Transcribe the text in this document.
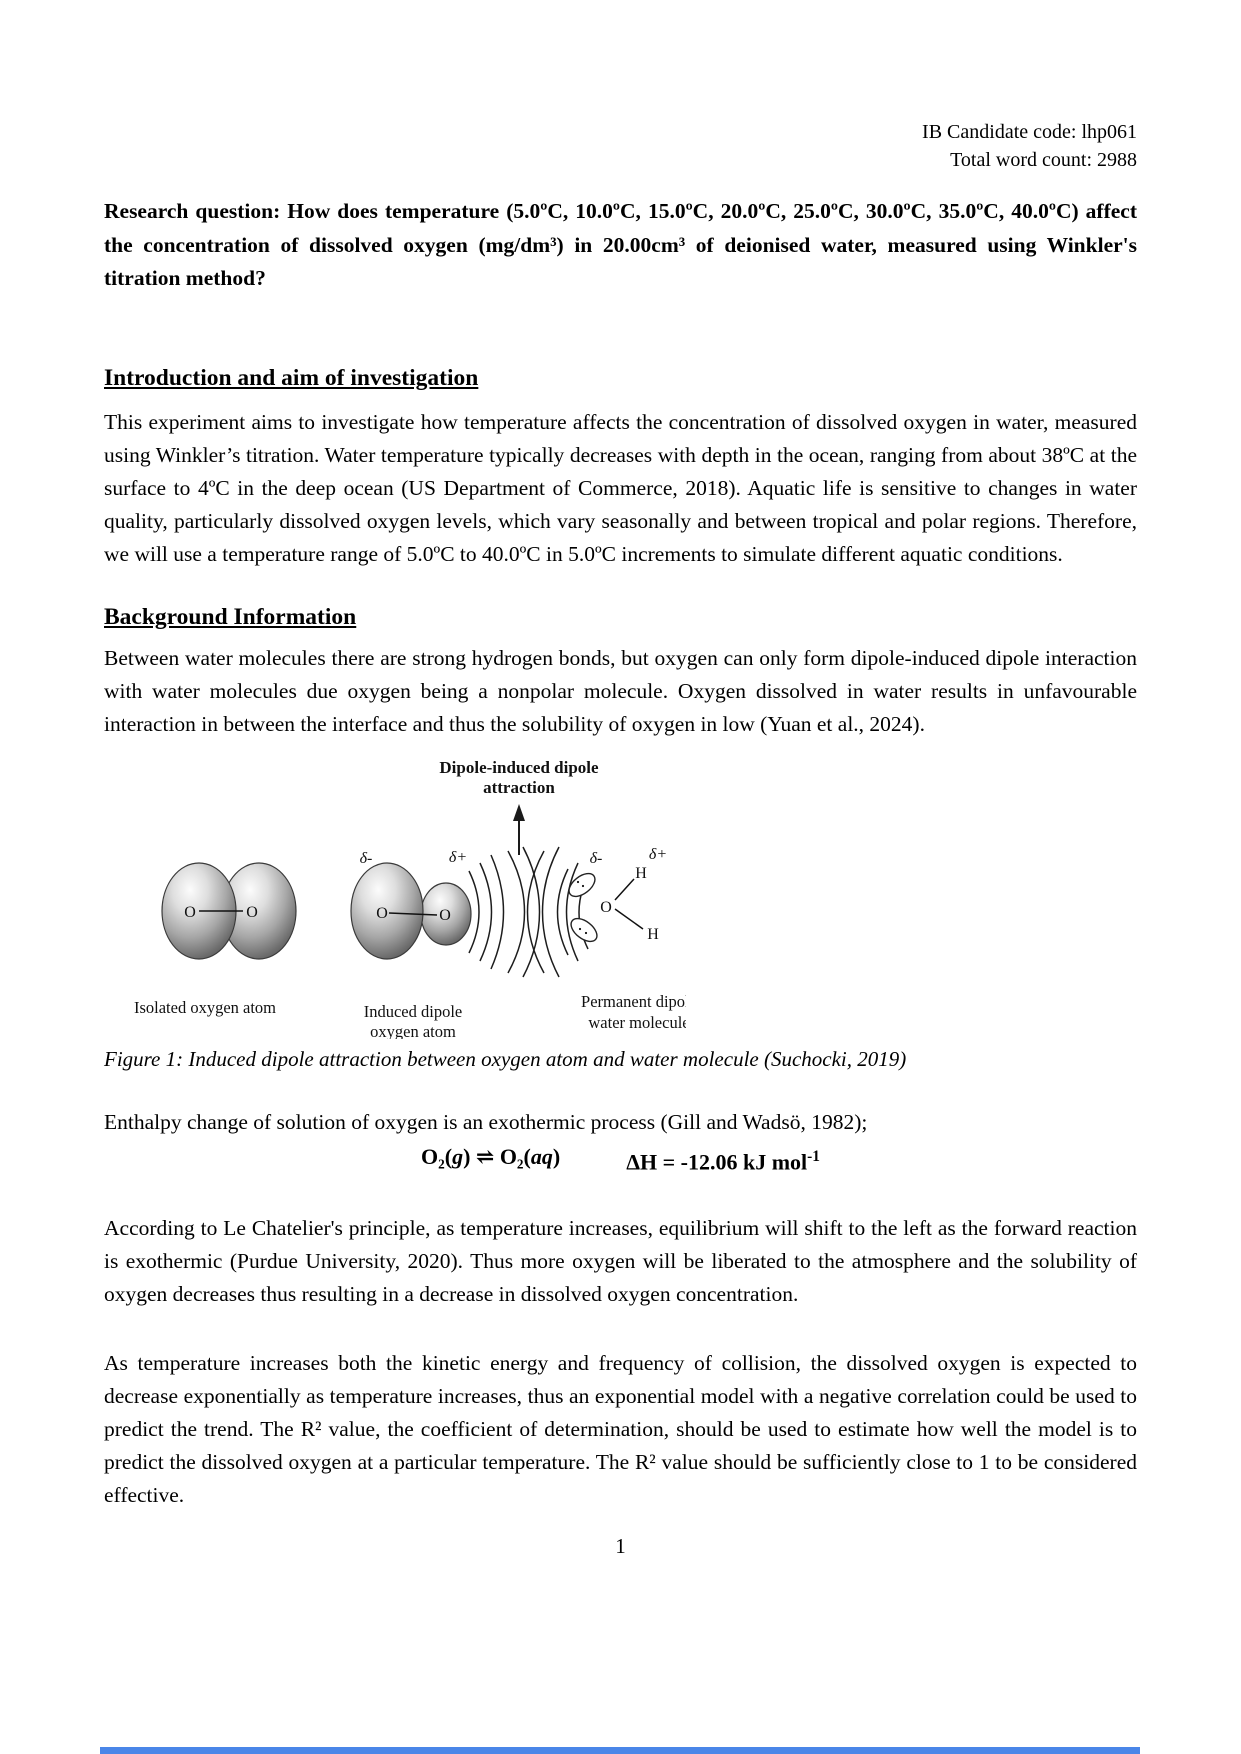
IB Candidate code: lhp061
Total word count: 2988

Research question: How does temperature (5.0ºC, 10.0ºC, 15.0ºC, 20.0ºC, 25.0ºC, 30.0ºC, 35.0ºC, 40.0ºC) affect the concentration of dissolved oxygen (mg/dm³) in 20.00cm³ of deionised water, measured using Winkler's titration method?

Introduction and aim of investigation

This experiment aims to investigate how temperature affects the concentration of dissolved oxygen in water, measured using Winkler’s titration. Water temperature typically decreases with depth in the ocean, ranging from about 38ºC at the surface to 4ºC in the deep ocean (US Department of Commerce, 2018). Aquatic life is sensitive to changes in water quality, particularly dissolved oxygen levels, which vary seasonally and between tropical and polar regions. Therefore, we will use a temperature range of 5.0ºC to 40.0ºC in 5.0ºC increments to simulate different aquatic conditions.

Background Information

Between water molecules there are strong hydrogen bonds, but oxygen can only form dipole-induced dipole interaction with water molecules due oxygen being a nonpolar molecule. Oxygen dissolved in water results in unfavourable interaction in between the interface and thus the solubility of oxygen in low (Yuan et al., 2024).

Dipole-induced dipole
attraction
O	O	O	O
δ-	δ+
O
H
H
δ-	δ+
Isolated oxygen atom	Induced dipole
oxygen atom
Permanent dipole
water molecule

Figure 1: Induced dipole attraction between oxygen atom and water molecule (Suchocki, 2019)

Enthalpy change of solution of oxygen is an exothermic process (Gill and Wadsö, 1982);

O₂(g) ⇌ O₂(aq)	ΔH = -12.06 kJ mol$^{-1}$

According to Le Chatelier's principle, as temperature increases, equilibrium will shift to the left as the forward reaction is exothermic (Purdue University, 2020). Thus more oxygen will be liberated to the atmosphere and the solubility of oxygen decreases thus resulting in a decrease in dissolved oxygen concentration.

As temperature increases both the kinetic energy and frequency of collision, the dissolved oxygen is expected to decrease exponentially as temperature increases, thus an exponential model with a negative correlation could be used to predict the trend. The R² value, the coefficient of determination, should be used to estimate how well the model is to predict the dissolved oxygen at a particular temperature. The R² value should be sufficiently close to 1 to be considered effective.

1
